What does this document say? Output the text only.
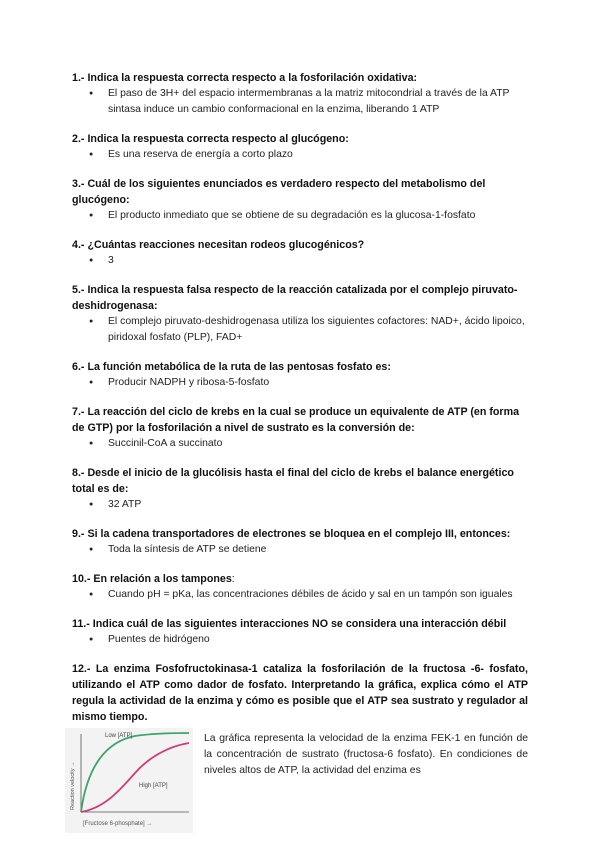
1.- Indica la respuesta correcta respecto a la fosforilación oxidativa:

● El paso de 3H+ del espacio intermembranas a la matriz mitocondrial a través de la ATP sintasa induce un cambio conformacional en la enzima, liberando 1 ATP

2.- Indica la respuesta correcta respecto al glucógeno:

● Es una reserva de energía a corto plazo

3.- Cuál de los siguientes enunciados es verdadero respecto del metabolismo del glucógeno:

● El producto inmediato que se obtiene de su degradación es la glucosa-1-fosfato

4.- ¿Cuántas reacciones necesitan rodeos glucogénicos?

● 3

5.- Indica la respuesta falsa respecto de la reacción catalizada por el complejo piruvato-deshidrogenasa:

● El complejo piruvato-deshidrogenasa utiliza los siguientes cofactores: NAD+, ácido lipoico, piridoxal fosfato (PLP), FAD+

6.- La función metabólica de la ruta de las pentosas fosfato es:

● Producir NADPH y ribosa-5-fosfato

7.- La reacción del ciclo de krebs en la cual se produce un equivalente de ATP (en forma de GTP) por la fosforilación a nivel de sustrato es la conversión de:

● Succinil-CoA a succinato

8.- Desde el inicio de la glucólisis hasta el final del ciclo de krebs el balance energético total es de:

● 32 ATP

9.- Si la cadena transportadores de electrones se bloquea en el complejo III, entonces:

● Toda la síntesis de ATP se detiene

10.- En relación a los tampones:

● Cuando pH = pKa, las concentraciones débiles de ácido y sal en un tampón son iguales

11.- Indica cuál de las siguientes interacciones NO se considera una interacción débil

● Puentes de hidrógeno

12.- La enzima Fosfofructokinasa-1 cataliza la fosforilación de la fructosa -6- fosfato, utilizando el ATP como dador de fosfato. Interpretando la gráfica, explica cómo el ATP regula la actividad de la enzima y cómo es posible que el ATP sea sustrato y regulador al mismo tiempo.

Low [ATP]
High [ATP]
Reaction velocity →
[Fructose 6-phosphate] →
La gráfica representa la velocidad de la enzima FEK-1 en función de la concentración de sustrato (fructosa-6 fosfato). En condiciones de niveles altos de ATP, la actividad del enzima es
